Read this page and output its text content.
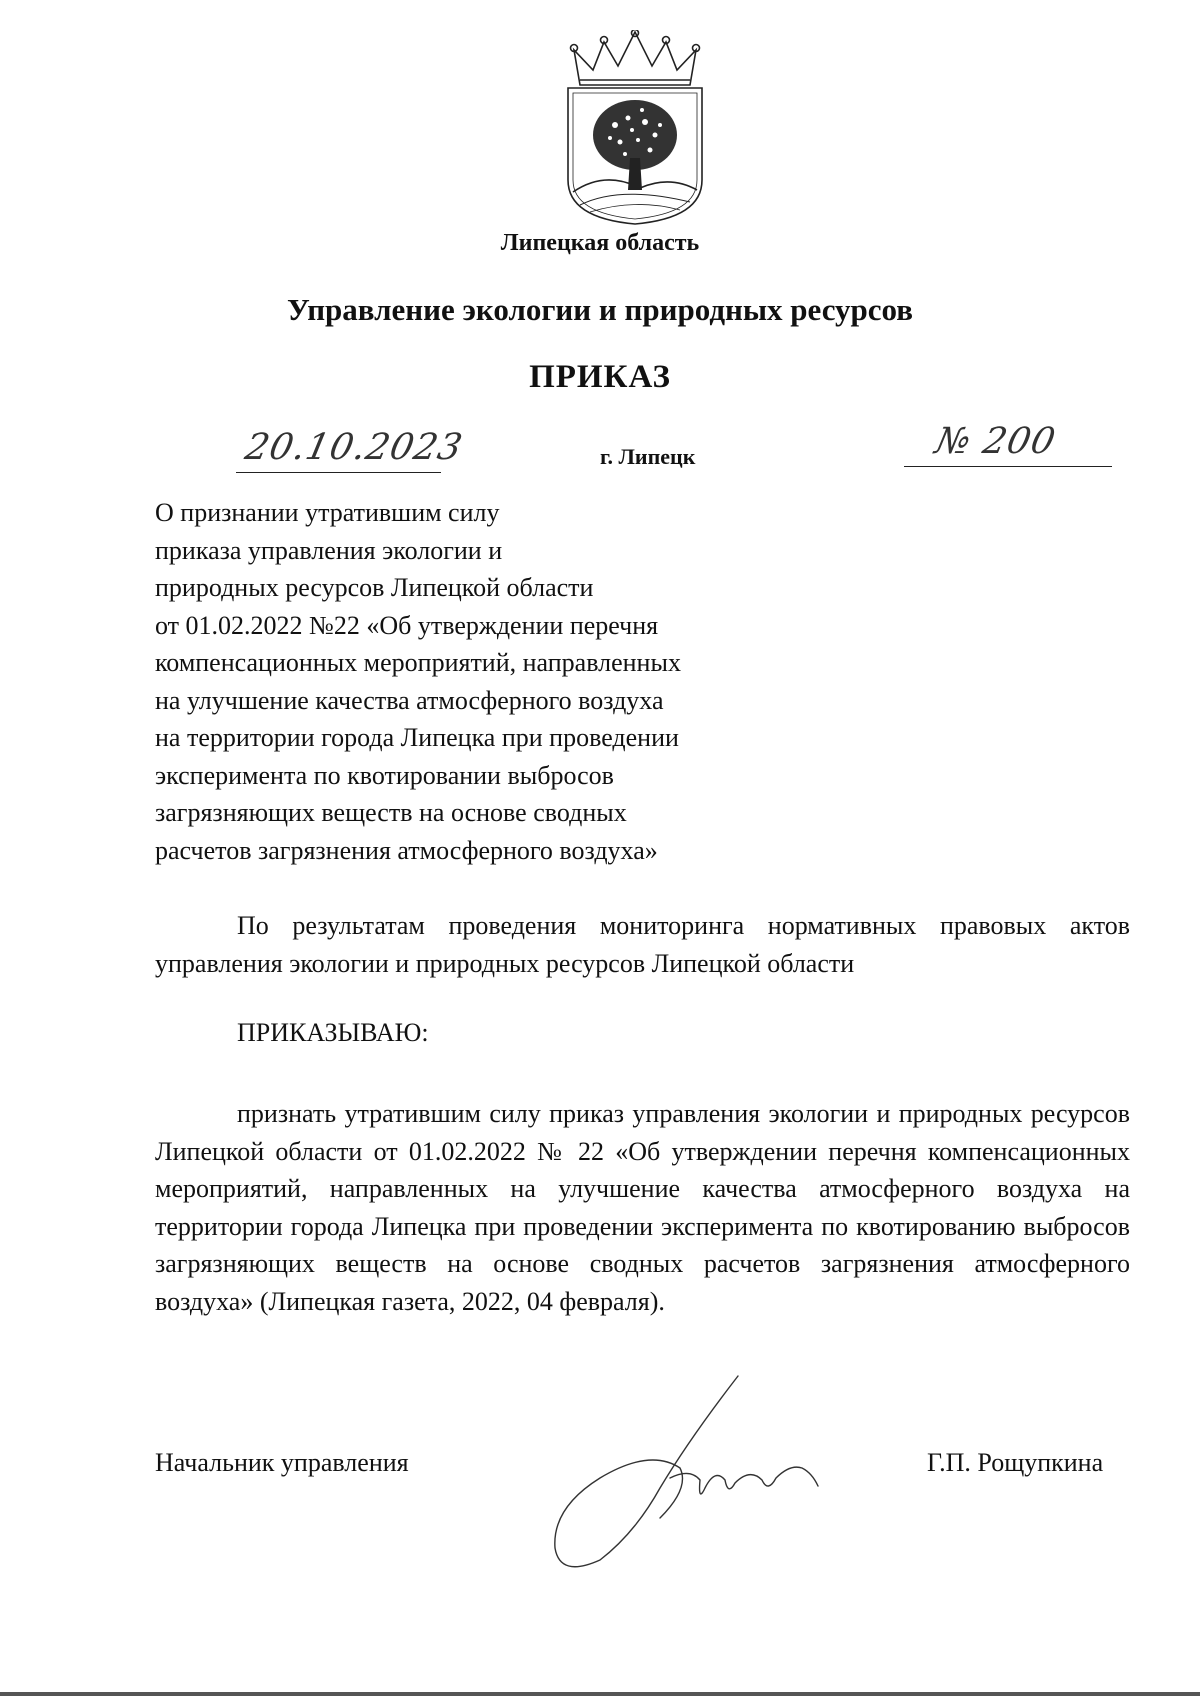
Липецкая область
Управление экологии и природных ресурсов
ПРИКАЗ
20.10.2023	г. Липецк	№ 200
О признании утратившим силу
приказа управления экологии и
природных ресурсов Липецкой области
от 01.02.2022 №22 «Об утверждении перечня
компенсационных мероприятий, направленных
на улучшение качества атмосферного воздуха
на территории города Липецка при проведении
эксперимента по квотировании выбросов
загрязняющих веществ на основе сводных
расчетов загрязнения атмосферного воздуха»
По результатам проведения мониторинга нормативных правовых актов управления экологии и природных ресурсов Липецкой области
ПРИКАЗЫВАЮ:
признать утратившим силу приказ управления экологии и природных ресурсов Липецкой области от 01.02.2022 № 22 «Об утверждении перечня компенсационных мероприятий, направленных на улучшение качества атмосферного воздуха на территории города Липецка при проведении эксперимента по квотированию выбросов загрязняющих веществ на основе сводных расчетов загрязнения атмосферного воздуха» (Липецкая газета, 2022, 04 февраля).
Начальник управления	Г.П. Рощупкина
